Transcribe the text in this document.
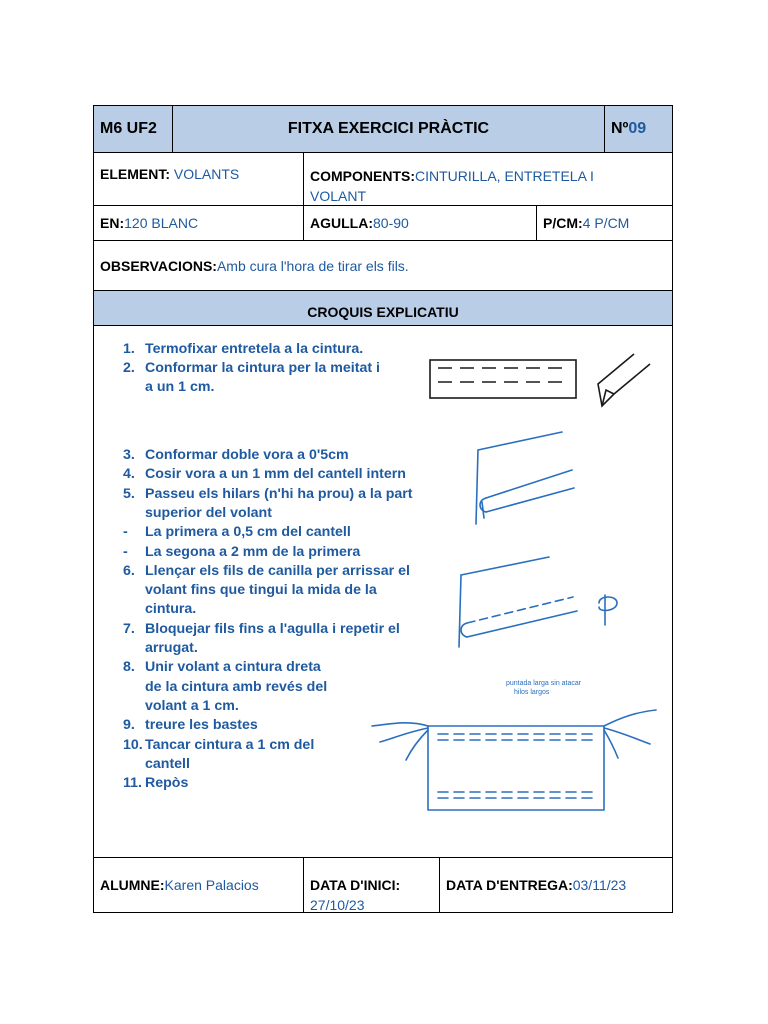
M6 UF2	FITXA EXERCICI PRÀCTIC	Nº 09
ELEMENT: VOLANTS	COMPONENTS:CINTURILLA, ENTRETELA I
VOLANT
EN: 120 BLANC	AGULLA: 80-90	P/CM: 4 P/CM
OBSERVACIONS: Amb cura l'hora de tirar els fils.
CROQUIS EXPLICATIU
1. Termofixar entretela a la cintura.
2. Conformar la cintura per la meitat i
a un 1 cm.
3. Conformar doble vora a 0'5cm
4. Cosir vora a un 1 mm del cantell intern
5. Passeu els hilars (n'hi ha prou) a la part
superior del volant
- La primera a 0,5 cm del cantell
- La segona a 2 mm de la primera
6. Llençar els fils de canilla per arrissar el
volant fins que tingui la mida de la
cintura.
7. Bloquejar fils fins a l'agulla i repetir el
arrugat.
8. Unir volant a cintura dreta
de la cintura amb revés del
volant a 1 cm.
9. treure les bastes
10. Tancar cintura a 1 cm del
cantell
11. Repòs
puntada larga sin atacar
hilos largos
ALUMNE: Karen Palacios	DATA D'INICI:
27/10/23
DATA D'ENTREGA: 03/11/23
